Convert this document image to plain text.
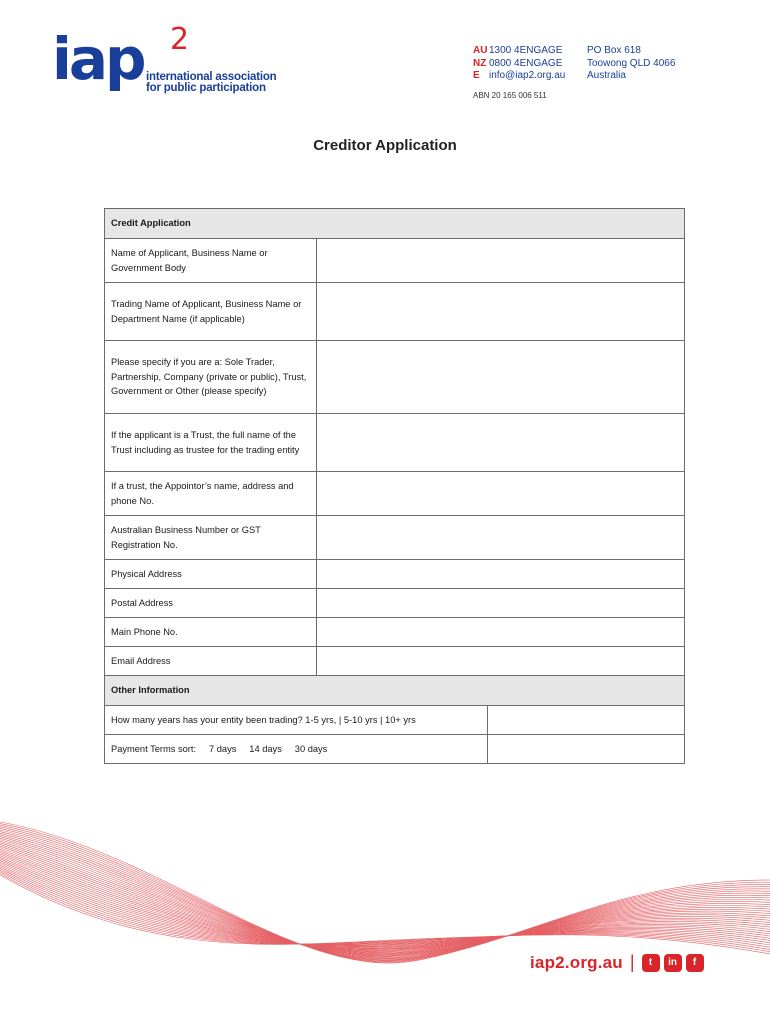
iap 2
international association
for public participation
AU 1300 4ENGAGE
NZ 0800 4ENGAGE
E info@iap2.org.au
ABN 20 165 006 511
PO Box 618
Toowong QLD 4066
Australia
Creditor Application
Credit Application
Name of Applicant, Business Name or Government Body	
Trading Name of Applicant, Business Name or Department Name (if applicable)	
Please specify if you are a: Sole Trader, Partnership, Company (private or public), Trust, Government or Other (please specify)	
If the applicant is a Trust, the full name of the Trust including as trustee for the trading entity	
If a trust, the Appointor’s name, address and phone No.	
Australian Business Number or GST Registration No.	
Physical Address	
Postal Address	
Main Phone No.	
Email Address	
Other Information

How many years has your entity been trading? 1-5 yrs, | 5-10 yrs | 10+ yrs	

Payment Terms sort:     7 days     14 days     30 days	
iap2.org.au |	t	in	f
